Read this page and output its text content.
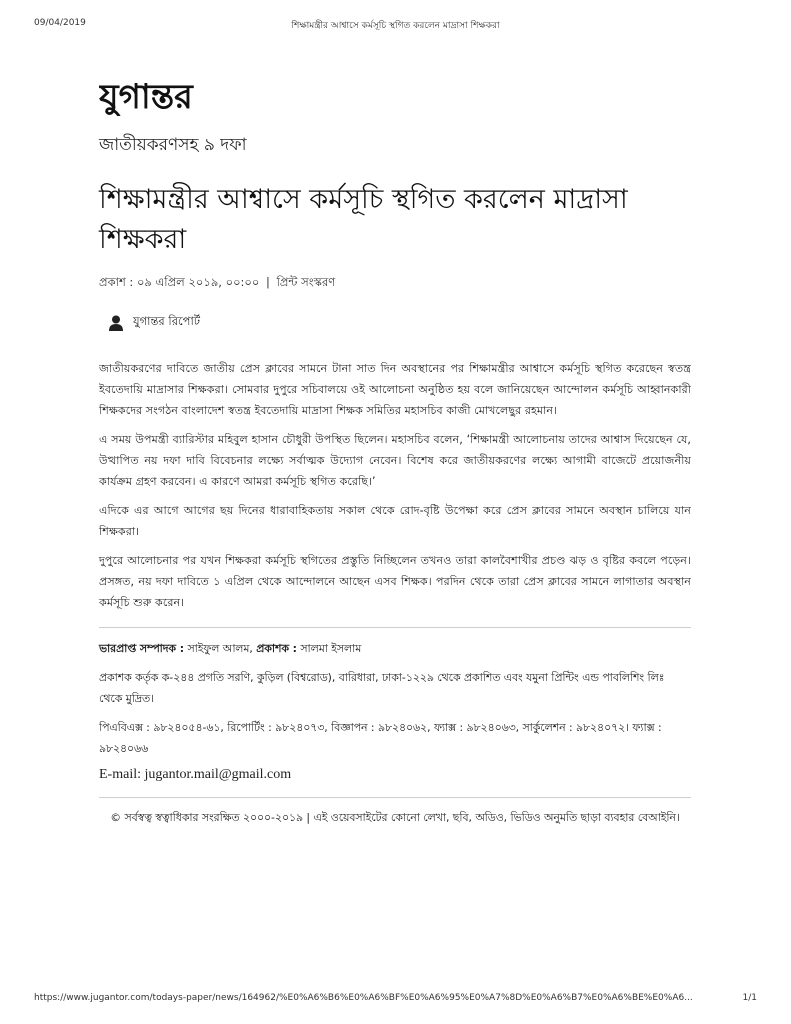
09/04/2019	শিক্ষামন্ত্রীর আশ্বাসে কর্মসূচি স্থগিত করলেন মাদ্রাসা শিক্ষকরা
যুগান্তর
জাতীয়করণসহ ৯ দফা
শিক্ষামন্ত্রীর আশ্বাসে কর্মসূচি স্থগিত করলেন মাদ্রাসা শিক্ষকরা
প্রকাশ : ০৯ এপ্রিল ২০১৯, ০০:০০ | প্রিন্ট সংস্করণ
যুগান্তর রিপোর্ট

জাতীয়করণের দাবিতে জাতীয় প্রেস ক্লাবের সামনে টানা সাত দিন অবস্থানের পর শিক্ষামন্ত্রীর আশ্বাসে কর্মসূচি স্থগিত করেছেন স্বতন্ত্র ইবতেদায়ি মাদ্রাসার শিক্ষকরা। সোমবার দুপুরে সচিবালয়ে ওই আলোচনা অনুষ্ঠিত হয় বলে জানিয়েছেন আন্দোলন কর্মসূচি আহ্বানকারী শিক্ষকদের সংগঠন বাংলাদেশ স্বতন্ত্র ইবতেদায়ি মাদ্রাসা শিক্ষক সমিতির মহাসচিব কাজী মোখলেছুর রহমান।

এ সময় উপমন্ত্রী ব্যারিস্টার মহিবুল হাসান চৌধুরী উপস্থিত ছিলেন। মহাসচিব বলেন, ‘শিক্ষামন্ত্রী আলোচনায় তাদের আশ্বাস দিয়েছেন যে, উত্থাপিত নয় দফা দাবি বিবেচনার লক্ষ্যে সর্বাত্মক উদ্যোগ নেবেন। বিশেষ করে জাতীয়করণের লক্ষ্যে আগামী বাজেটে প্রয়োজনীয় কার্যক্রম গ্রহণ করবেন। এ কারণে আমরা কর্মসূচি স্থগিত করেছি।’

এদিকে এর আগে আগের ছয় দিনের ধারাবাহিকতায় সকাল থেকে রোদ-বৃষ্টি উপেক্ষা করে প্রেস ক্লাবের সামনে অবস্থান চালিয়ে যান শিক্ষকরা।

দুপুরে আলোচনার পর যখন শিক্ষকরা কর্মসূচি স্থগিতের প্রস্তুতি নিচ্ছিলেন তখনও তারা কালবৈশাখীর প্রচণ্ড ঝড় ও বৃষ্টির কবলে পড়েন। প্রসঙ্গত, নয় দফা দাবিতে ১ এপ্রিল থেকে আন্দোলনে আছেন এসব শিক্ষক। পরদিন থেকে তারা প্রেস ক্লাবের সামনে লাগাতার অবস্থান কর্মসূচি শুরু করেন।

ভারপ্রাপ্ত সম্পাদক : সাইফুল আলম, প্রকাশক : সালমা ইসলাম

প্রকাশক কর্তৃক ক-২৪৪ প্রগতি সরণি, কুড়িল (বিশ্বরোড), বারিধারা, ঢাকা-১২২৯ থেকে প্রকাশিত এবং যমুনা প্রিন্টিং এন্ড পাবলিশিং লিঃ থেকে মুদ্রিত।

পিএবিএক্স : ৯৮২৪০৫৪-৬১, রিপোর্টিং : ৯৮২৪০৭৩, বিজ্ঞাপন : ৯৮২৪০৬২, ফ্যাক্স : ৯৮২৪০৬৩, সার্কুলেশন : ৯৮২৪০৭২। ফ্যাক্স : ৯৮২৪০৬৬

E-mail: jugantor.mail@gmail.com
© সর্বস্বত্ব স্বত্বাধিকার সংরক্ষিত ২০০০-২০১৯ | এই ওয়েবসাইটের কোনো লেখা, ছবি, অডিও, ভিডিও অনুমতি ছাড়া ব্যবহার বেআইনি।
https://www.jugantor.com/todays-paper/news/164962/%E0%A6%B6%E0%A6%BF%E0%A6%95%E0%A7%8D%E0%A6%B7%E0%A6%BE%E0%A6...	1/1
